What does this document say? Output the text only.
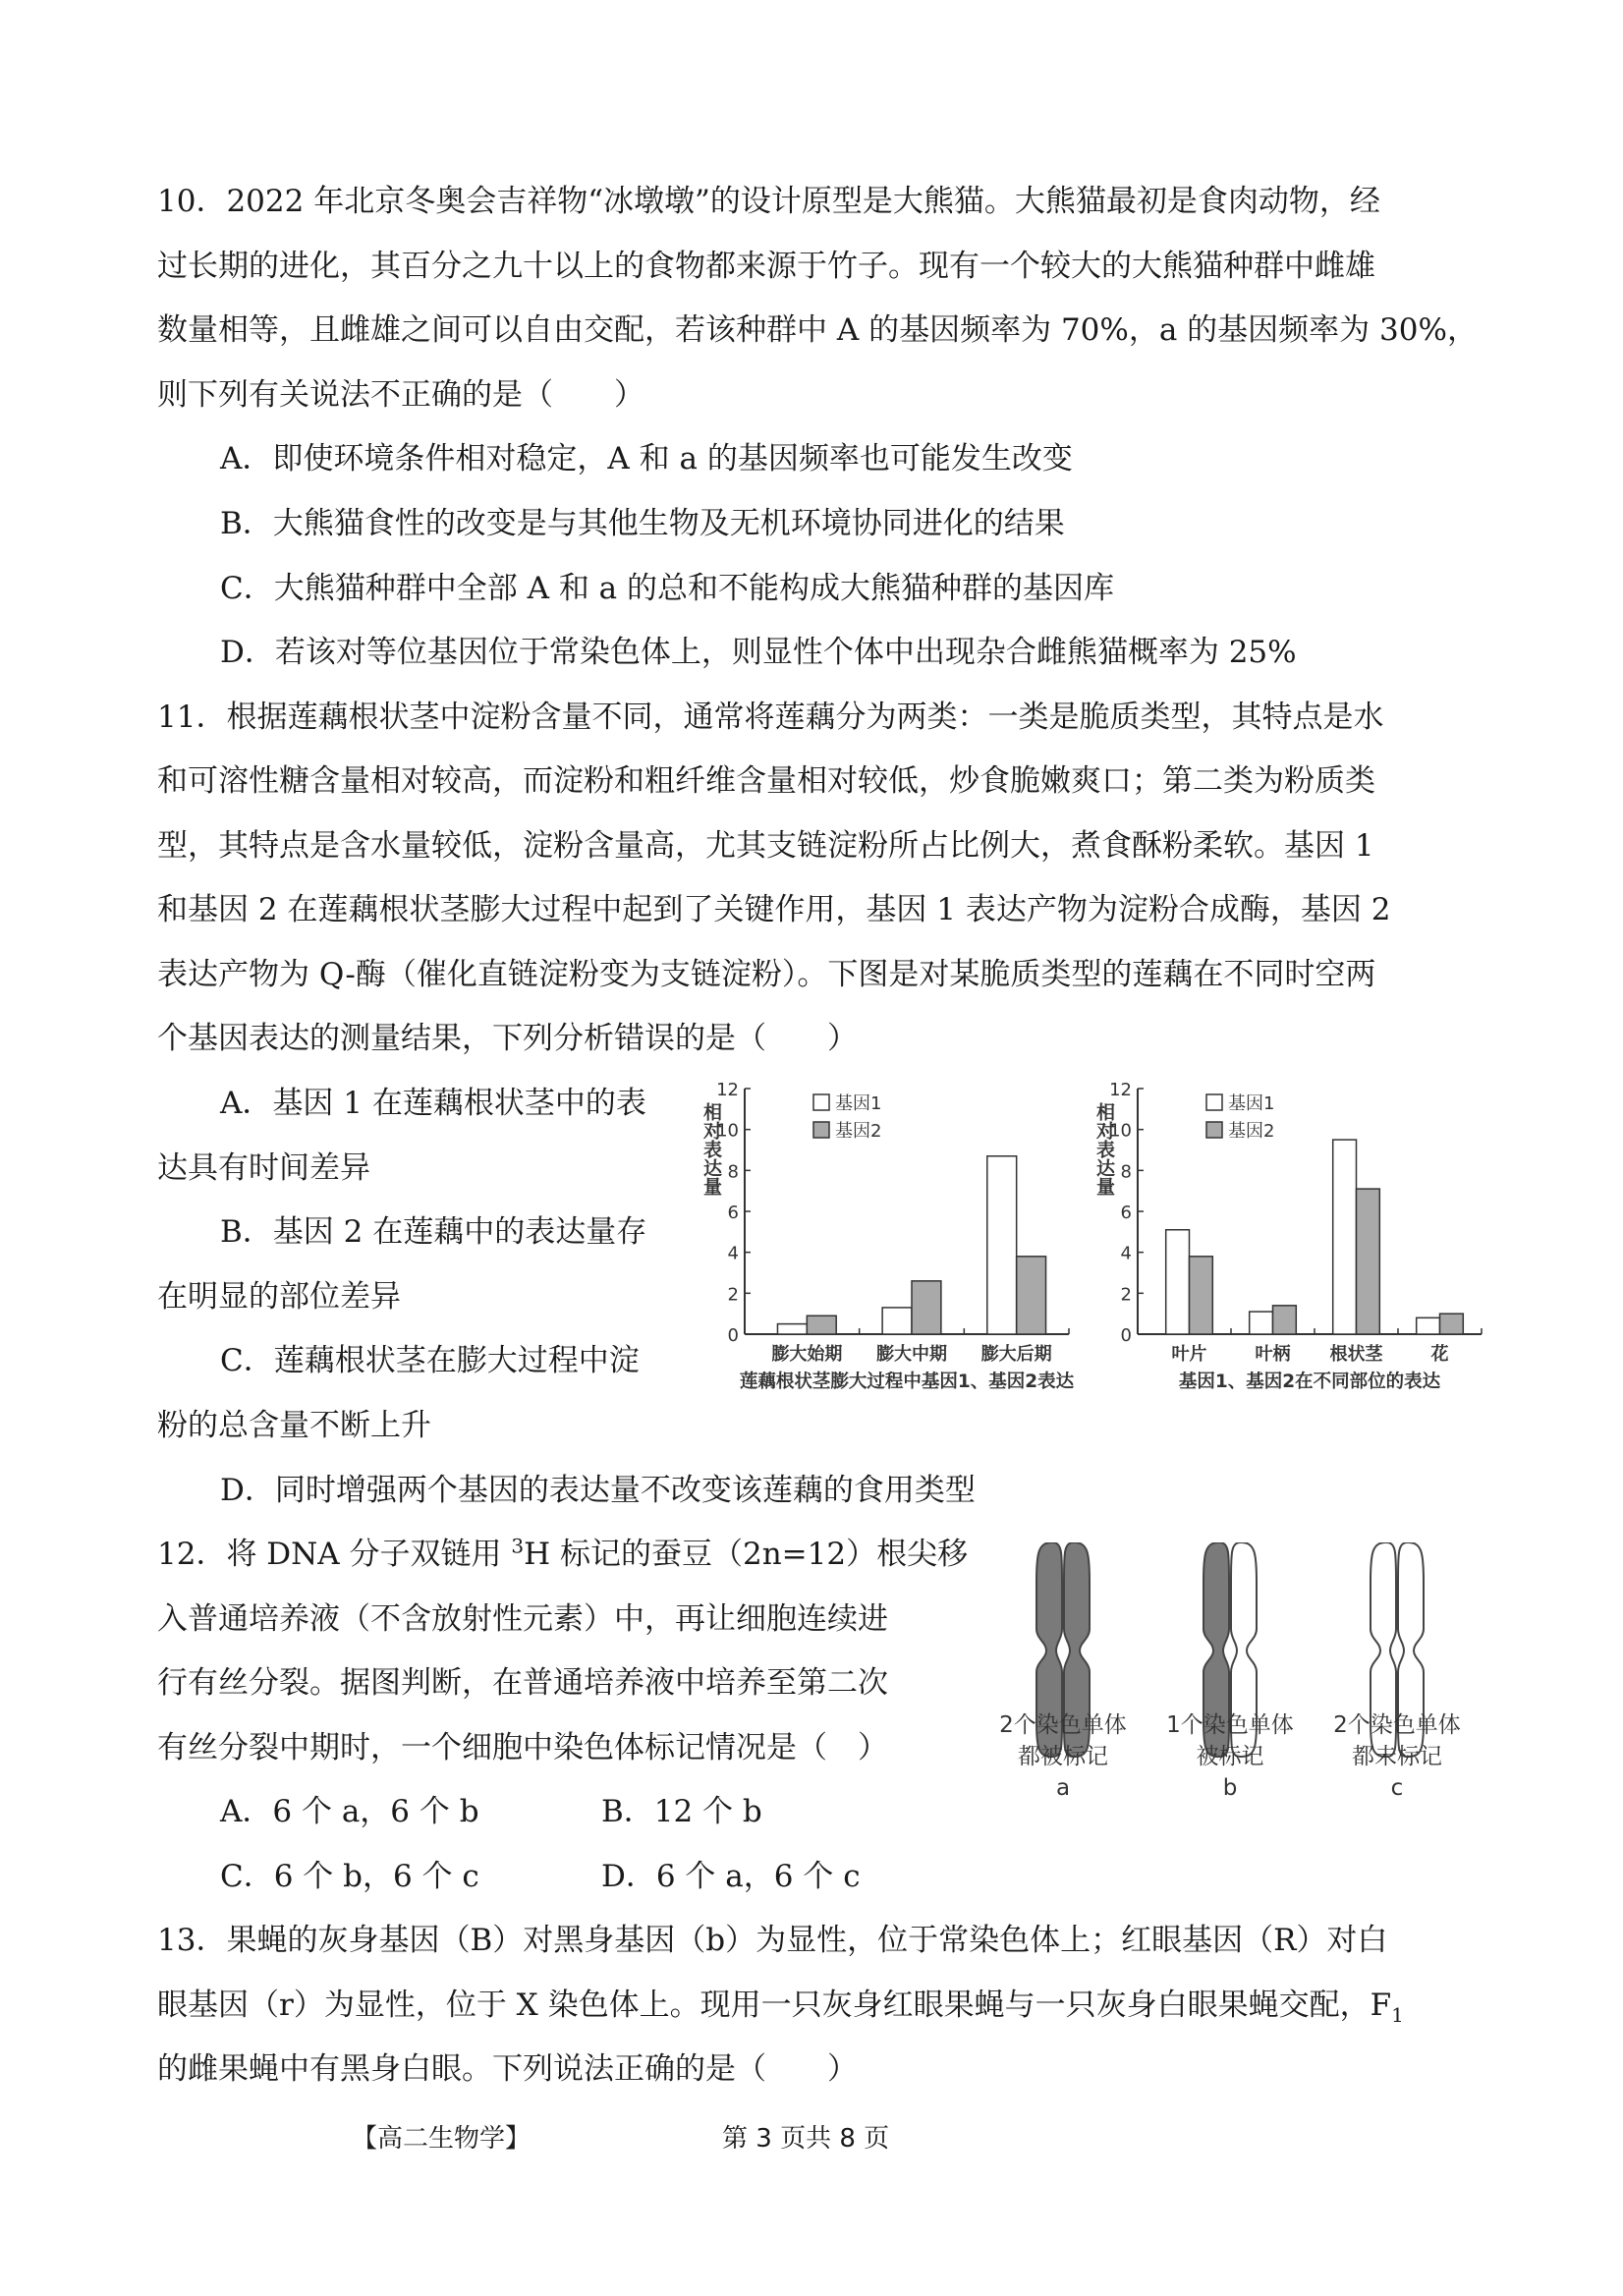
10．2022 年北京冬奥会吉祥物“冰墩墩”的设计原型是大熊猫。大熊猫最初是食肉动物，经

过长期的进化，其百分之九十以上的食物都来源于竹子。现有一个较大的大熊猫种群中雌雄

数量相等，且雌雄之间可以自由交配，若该种群中 A 的基因频率为 70%，a 的基因频率为 30%，

则下列有关说法不正确的是（　　）

A．即使环境条件相对稳定，A 和 a 的基因频率也可能发生改变

B．大熊猫食性的改变是与其他生物及无机环境协同进化的结果

C．大熊猫种群中全部 A 和 a 的总和不能构成大熊猫种群的基因库

D．若该对等位基因位于常染色体上，则显性个体中出现杂合雌熊猫概率为 25%

11．根据莲藕根状茎中淀粉含量不同，通常将莲藕分为两类：一类是脆质类型，其特点是水

和可溶性糖含量相对较高，而淀粉和粗纤维含量相对较低，炒食脆嫩爽口；第二类为粉质类

型，其特点是含水量较低，淀粉含量高，尤其支链淀粉所占比例大，煮食酥粉柔软。基因 1

和基因 2 在莲藕根状茎膨大过程中起到了关键作用，基因 1 表达产物为淀粉合成酶，基因 2

表达产物为 Q-酶（催化直链淀粉变为支链淀粉）。下图是对某脆质类型的莲藕在不同时空两

个基因表达的测量结果，下列分析错误的是（　　）

A．基因 1 在莲藕根状茎中的表

达具有时间差异

B．基因 2 在莲藕中的表达量存

在明显的部位差异

C．莲藕根状茎在膨大过程中淀

粉的总含量不断上升

D．同时增强两个基因的表达量不改变该莲藕的食用类型

0
2
4
6
8
10
12
相对表达量
膨大始期 膨大中期 膨大后期
基因1
基因2
莲藕根状茎膨大过程中基因1、基因2表达
0
2
4
6
8
10
12
相对表达量
叶片	叶柄 根状茎	花
基因1
基因2
基因1、基因2在不同部位的表达

12．将 DNA 分子双链用 $^3$H 标记的蚕豆（2n=12）根尖移

入普通培养液（不含放射性元素）中，再让细胞连续进

行有丝分裂。据图判断，在普通培养液中培养至第二次

有丝分裂中期时，一个细胞中染色体标记情况是（　）

A．6 个 a，6 个 b	B．12 个 b

C．6 个 b，6 个 c	D．6 个 a，6 个 c

2个染色单体
都被标记
a
1个染色单体
被标记
b
2个染色单体
都未标记
c

13．果蝇的灰身基因（B）对黑身基因（b）为显性，位于常染色体上；红眼基因（R）对白

眼基因（r）为显性，位于 X 染色体上。现用一只灰身红眼果蝇与一只灰身白眼果蝇交配，$F_1$

的雌果蝇中有黑身白眼。下列说法正确的是（　　）

【高二生物学】	第 3 页共 8 页
